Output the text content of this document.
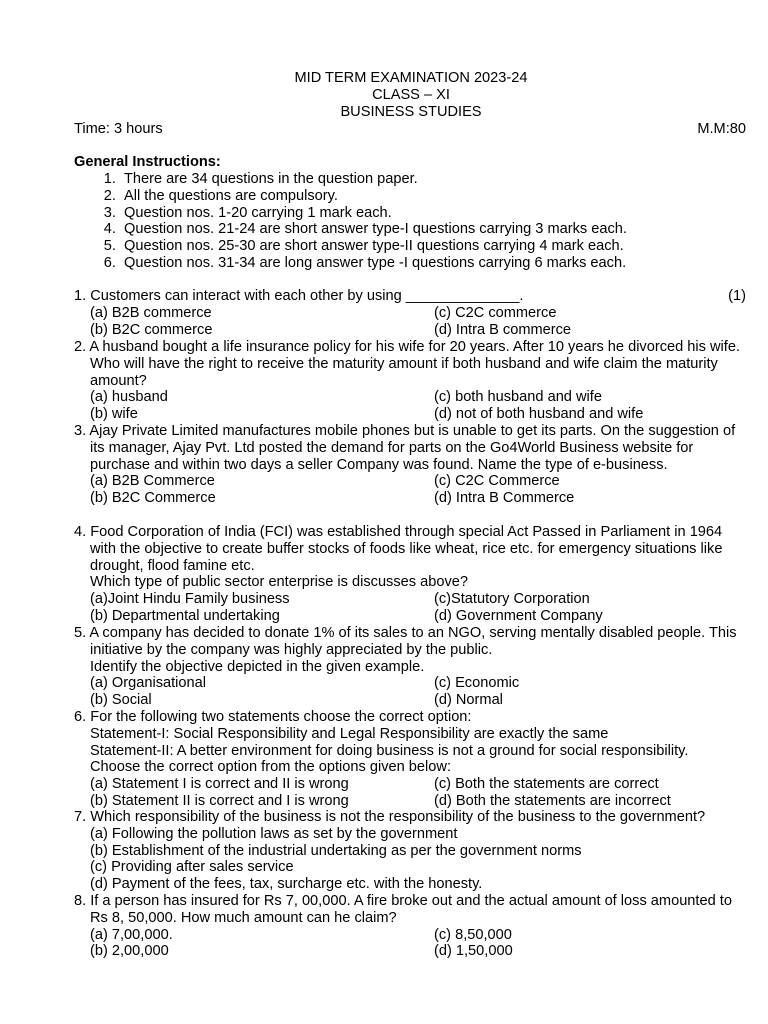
MID TERM EXAMINATION 2023-24
CLASS – XI
BUSINESS STUDIES
Time: 3 hours	M.M:80
General Instructions:
1. There are 34 questions in the question paper.
2. All the questions are compulsory.
3. Question nos. 1-20 carrying 1 mark each.
4. Question nos. 21-24 are short answer type-I questions carrying 3 marks each.
5. Question nos. 25-30 are short answer type-II questions carrying 4 mark each.
6. Question nos. 31-34 are long answer type -I questions carrying 6 marks each.
1. Customers can interact with each other by using ______________.	(1)
(a) B2B commerce	(c) C2C commerce
(b) B2C commerce	(d) Intra B commerce
2. A husband bought a life insurance policy for his wife for 20 years. After 10 years he divorced his wife. Who will have the right to receive the maturity amount if both husband and wife claim the maturity amount?
(a) husband	(c) both husband and wife
(b) wife	(d) not of both husband and wife
3. Ajay Private Limited manufactures mobile phones but is unable to get its parts. On the suggestion of its manager, Ajay Pvt. Ltd posted the demand for parts on the Go4World Business website for purchase and within two days a seller Company was found. Name the type of e-business.
(a) B2B Commerce	(c) C2C Commerce
(b) B2C Commerce	(d) Intra B Commerce
4. Food Corporation of India (FCI) was established through special Act Passed in Parliament in 1964 with the objective to create buffer stocks of foods like wheat, rice etc. for emergency situations like drought, flood famine etc.
Which type of public sector enterprise is discusses above?
(a)Joint Hindu Family business	(c)Statutory Corporation
(b) Departmental undertaking	(d) Government Company
5. A company has decided to donate 1% of its sales to an NGO, serving mentally disabled people. This initiative by the company was highly appreciated by the public.
Identify the objective depicted in the given example.
(a) Organisational	(c) Economic
(b) Social	(d) Normal
6. For the following two statements choose the correct option:
Statement-I: Social Responsibility and Legal Responsibility are exactly the same
Statement-II: A better environment for doing business is not a ground for social responsibility.
Choose the correct option from the options given below:
(a) Statement I is correct and II is wrong	(c) Both the statements are correct
(b) Statement II is correct and I is wrong	(d) Both the statements are incorrect
7. Which responsibility of the business is not the responsibility of the business to the government?
(a) Following the pollution laws as set by the government
(b) Establishment of the industrial undertaking as per the government norms
(c) Providing after sales service
(d) Payment of the fees, tax, surcharge etc. with the honesty.
8. If a person has insured for Rs 7, 00,000. A fire broke out and the actual amount of loss amounted to Rs 8, 50,000. How much amount can he claim?
(a) 7,00,000.	(c) 8,50,000
(b) 2,00,000	(d) 1,50,000
